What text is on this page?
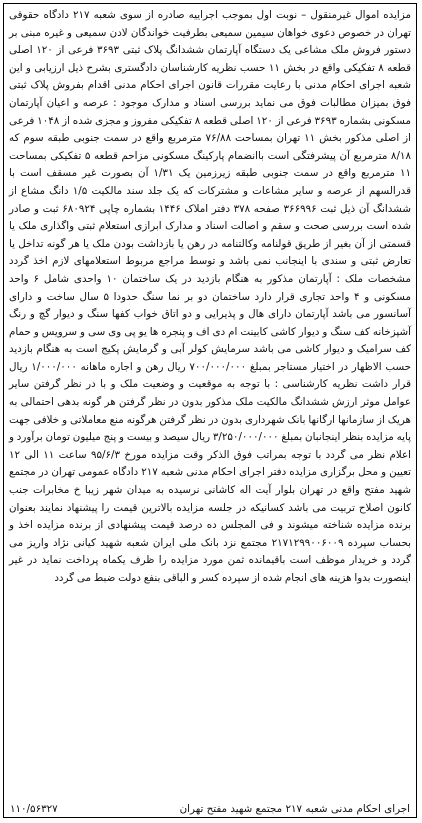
مزایده اموال غیرمنقول – نوبت اول بموجب اجراییه صادره از سوی شعبه ۲۱۷ دادگاه حقوقی تهران در خصوص دعوی خواهان سیمین سمیعی بطرفیت خواندگان لادن سمیعی و غیره مبنی بر دستور فروش ملک مشاعی یک دستگاه آپارتمان ششدانگ پلاک ثبتی ۳۶۹۳ فرعی از ۱۲۰ اصلی قطعه ۸ تفکیکی واقع در بخش ۱۱ حسب نظریه کارشناسان دادگستری بشرح ذیل ارزیابی و این شعبه اجرای احکام مدنی با رعایت مقررات قانون اجرای احکام مدنی اقدام بفروش پلاک ثبتی فوق بمیزان مطالبات فوق می نماید بررسی اسناد و مدارک موجود : عرصه و اعیان آپارتمان مسکونی بشماره ۳۶۹۳ فرعی از ۱۲۰ اصلی قطعه ۸ تفکیکی مفروز و مجزی شده از ۱۰۴۸ فرعی از اصلی مذکور بخش ۱۱ تهران بمساحت ۷۶/۸۸ مترمربع واقع در سمت جنوبی طبقه سوم که ۸/۱۸ مترمربع آن پیشرفتگی است باانضمام پارکینگ مسکونی مزاحم قطعه ۵ تفکیکی بمساحت ۱۱ مترمربع واقع در سمت جنوبی طبقه زیرزمین یک ۱/۳۱ آن بصورت غیر مسقف است با قدرالسهم از عرصه و سایر مشاعات و مشترکات که یک جلد سند مالکیت ۱/۵ دانگ مشاع از ششدانگ آن ذیل ثبت ۳۶۶۹۹۶ صفحه ۳۷۸ دفتر املاک ۱۴۴۶ بشماره چاپی ۶۸۰۹۲۴ ثبت و صادر شده است بررسی صحت و سقم و اصالت اسناد و مدارک ابرازی استعلام ثبتی واگذاری ملک یا قسمتی از آن بغیر از طریق قولنامه وکالتنامه در رهن یا بازداشت بودن ملک یا هر گونه تداخل یا تعارض ثبتی و سندی با اینجانب نمی باشد و توسط مراجع مربوط استعلامهای لازم اخذ گردد مشخصات ملک : آپارتمان مذکور به هنگام بازدید در یک ساختمان ۱۰ واحدی شامل ۶ واحد مسکونی و ۴ واحد تجاری قرار دارد ساختمان دو بر نما سنگ حدودا ۵ سال ساخت و دارای آسانسور می باشد آپارتمان دارای هال و پذیرایی و دو اتاق خواب کفها سنگ و دیوار گچ و رنگ آشپزخانه کف سنگ و دیوار کاشی کابینت ام دی اف و پنجره ها یو پی وی سی و سرویس و حمام کف سرامیک و دیوار کاشی می باشد سرمایش کولر آبی و گرمایش پکیج است به هنگام بازدید حسب الاظهار در اختیار مستاجر بمبلغ ۷۰۰/۰۰۰/۰۰۰ ریال رهن و اجاره ماهانه ۱/۰۰۰/۰۰۰ ریال قرار داشت نظریه کارشناسی : با توجه به موقعیت و وضعیت ملک و با در نظر گرفتن سایر عوامل موثر ارزش ششدانگ مالکیت ملک مذکور بدون در نظر گرفتن هر گونه بدهی احتمالی به هریک از سازمانها ارگانها بانک شهرداری بدون در نظر گرفتن هرگونه منع معاملاتی و خلافی جهت پایه مزایده بنظر اینجانبان بمبلغ ۳/۲۵۰/۰۰۰/۰۰۰ ریال سیصد و بیست و پنج میلیون تومان برآورد و اعلام نظر می گردد با توجه بمراتب فوق الذکر وقت مزایده مورخ ۹۵/۶/۳ ساعت ۱۱ الی ۱۲ تعیین و محل برگزاری مزایده دفتر اجرای احکام مدنی شعبه ۲۱۷ دادگاه عمومی تهران در مجتمع شهید مفتح واقع در تهران بلوار آیت اله کاشانی نرسیده به میدان شهر زیبا خ مخابرات جنب کانون اصلاح تربیت می باشد کسانیکه در جلسه مزایده بالاترین قیمت را پیشنهاد نمایند بعنوان برنده مزایده شناخته میشوند و فی المجلس ده درصد قیمت پیشنهادی از برنده مزایده اخذ و بحساب سپرده ۲۱۷۱۲۹۹۰۰۶۰۰۹ مجتمع نزد بانک ملی ایران شعبه شهید کیانی نژاد واریز می گردد و خریدار موظف است باقیمانده ثمن مورد مزایده را ظرف یکماه پرداخت نماید در غیر اینصورت بدوا هزینه های انجام شده از سپرده کسر و الباقی بنفع دولت ضبط می گردد

اجرای احکام مدنی شعبه ۲۱۷ مجتمع شهید مفتح تهران
۱۱۰/۵۶۳۲۷
